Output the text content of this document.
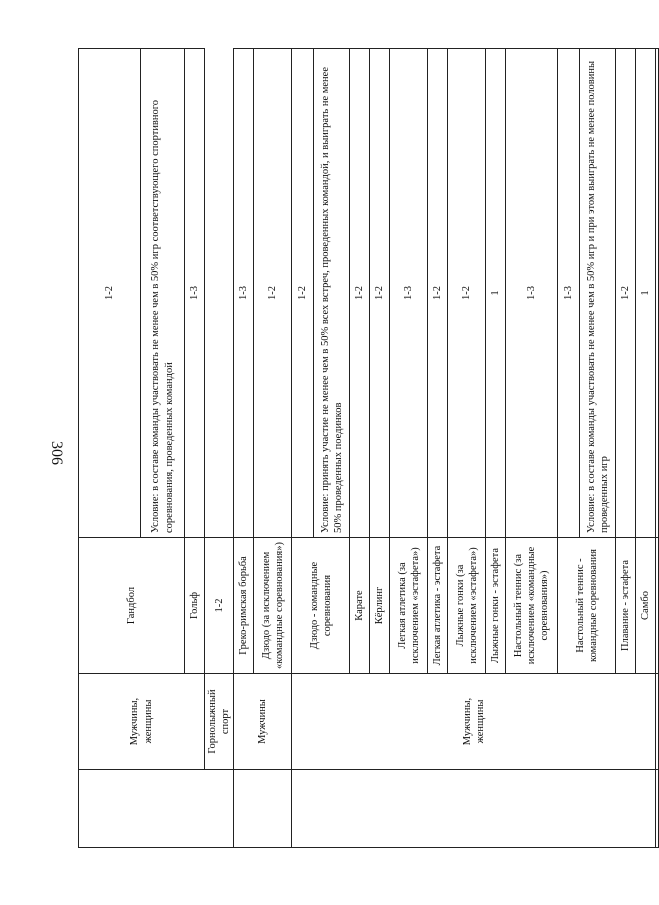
306
	Мужчины, женщины	Гандбол	1-2
			Условие: в составе команды участвовать не менее чем в 50% игр соответствующего спортивного соревнования, проведенных командой
		Гольф	1-3
	Горнолыжный спорт	1-2	
	Мужчины	Греко-римская борьба	1-3
		Дзюдо (за исключением «командные соревнования»)	1-2
	Мужчины, женщины	Дзюдо - командные соревнования	1-2
			Условие: принять участие не менее чем в 50% всех встреч, проведенных командой, и выиграть не менее 50% проведенных поединков
		Карате	1-2
		Кёрлинг	1-2
		Легкая атлетика (за исключением «эстафета»)	1-3
		Легкая атлетика - эстафета	1-2
		Лыжные гонки (за исключением «эстафета»)	1-2
		Лыжные гонки - эстафета	1
		Настольный теннис (за исключением «командные соревнования»)	1-3
		Настольный теннис - командные соревнования	1-3
			Условие: в составе команды участвовать не менее чем в 50% игр и при этом выиграть не менее половины проведенных игр
		Плавание - эстафета	1-2
		Самбо	1
